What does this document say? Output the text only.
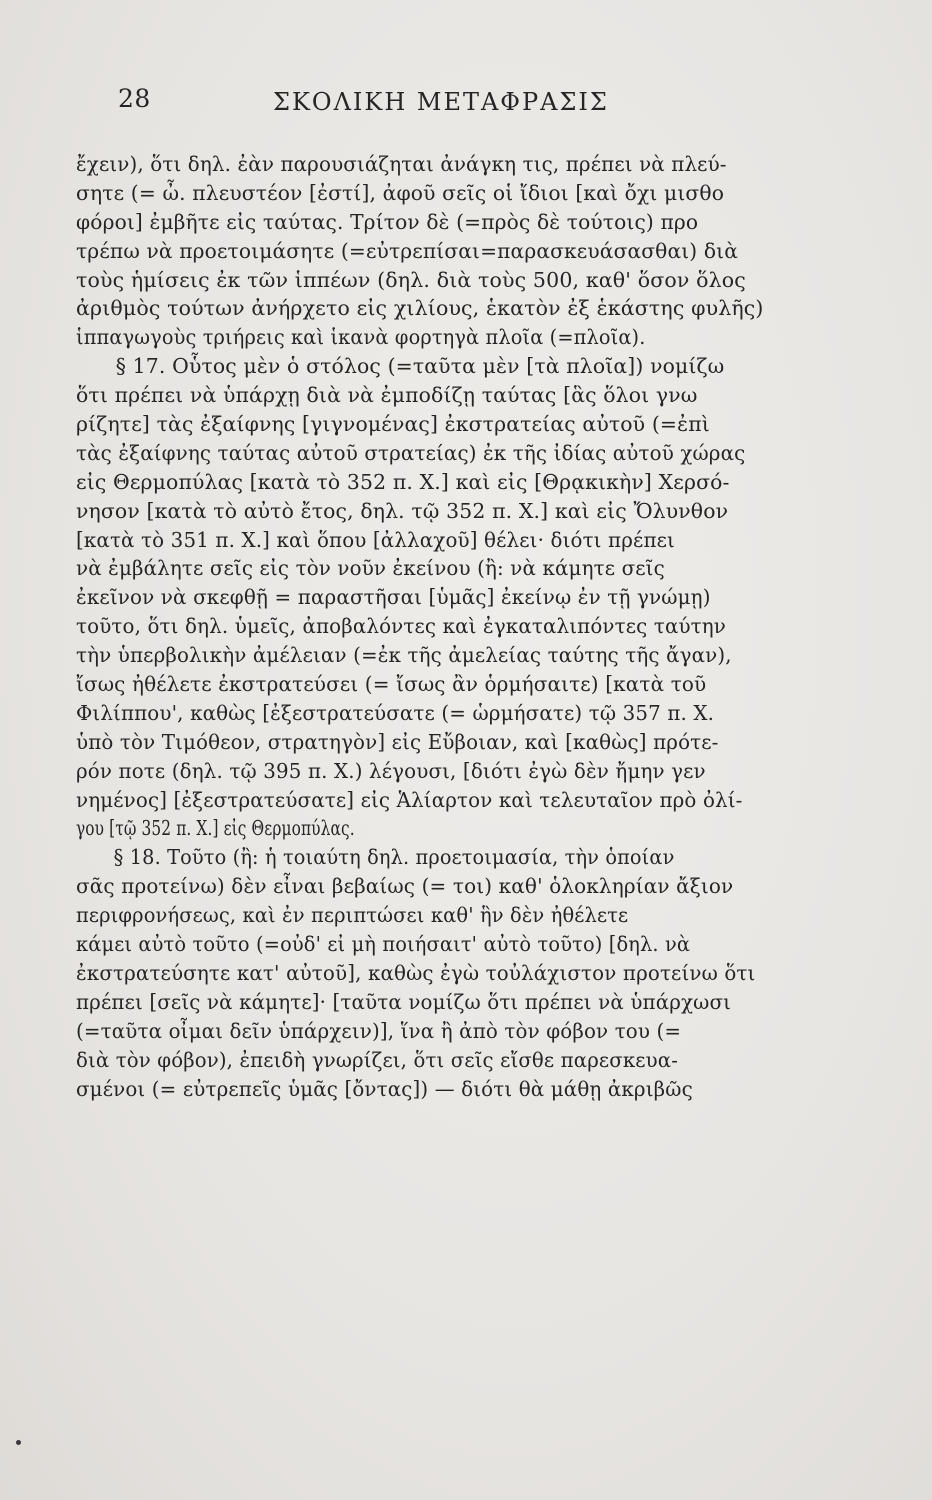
28	ΣΚΟΛΙΚΗ ΜΕΤΑΦΡΑΣΙΣ
ἔχειν), ὅτι δηλ. ἐὰν παρουσιάζηται ἀνάγκη τις, πρέπει νὰ πλεύ-
σητε (= ὦ. πλευστέον [ἐστί], ἀφοῦ σεῖς οἱ ἴδιοι [καὶ ὄχι μισθο
φόροι] ἐμβῆτε εἰς ταύτας. Τρίτον δὲ (=πρὸς δὲ τούτοις) προ
τρέπω νὰ προετοιμάσητε (=εὐτρεπίσαι=παρασκευάσασθαι) διὰ
τοὺς ἡμίσεις ἐκ τῶν ἱππέων (δηλ. διὰ τοὺς 500, καθ' ὅσον ὅλος
ἀριθμὸς τούτων ἀνήρχετο εἰς χιλίους, ἑκατὸν ἐξ ἑκάστης φυλῆς)
ἱππαγωγοὺς τριήρεις καὶ ἱκανὰ φορτηγὰ πλοῖα (=πλοῖα).
§ 17. Οὗτος μὲν ὁ στόλος (=ταῦτα μὲν [τὰ πλοῖα]) νομίζω
ὅτι πρέπει νὰ ὑπάρχῃ διὰ νὰ ἐμποδίζῃ ταύτας [ἃς ὅλοι γνω
ρίζητε] τὰς ἐξαίφνης [γιγνομένας] ἐκστρατείας αὐτοῦ (=ἐπὶ
τὰς ἐξαίφνης ταύτας αὐτοῦ στρατείας) ἐκ τῆς ἰδίας αὐτοῦ χώρας
εἰς Θερμοπύλας [κατὰ τὸ 352 π. Χ.] καὶ εἰς [Θρᾳκικὴν] Χερσό-
νησον [κατὰ τὸ αὐτὸ ἔτος, δηλ. τῷ 352 π. Χ.] καὶ εἰς Ὄλυνθον
[κατὰ τὸ 351 π. Χ.] καὶ ὅπου [ἀλλαχοῦ] θέλει· διότι πρέπει
νὰ ἐμβάλητε σεῖς εἰς τὸν νοῦν ἐκείνου (ἢ: νὰ κάμητε σεῖς
ἐκεῖνον νὰ σκεφθῇ = παραστῆσαι [ὑμᾶς] ἐκείνῳ ἐν τῇ γνώμῃ)
τοῦτο, ὅτι δηλ. ὑμεῖς, ἀποβαλόντες καὶ ἐγκαταλιπόντες ταύτην
τὴν ὑπερβολικὴν ἀμέλειαν (=ἐκ τῆς ἀμελείας ταύτης τῆς ἄγαν),
ἴσως ἠθέλετε ἐκστρατεύσει (= ἴσως ἂν ὁρμήσαιτε) [κατὰ τοῦ
Φιλίππου', καθὼς [ἐξεστρατεύσατε (= ὡρμήσατε) τῷ 357 π. Χ.
ὑπὸ τὸν Τιμόθεον, στρατηγὸν] εἰς Εὔβοιαν, καὶ [καθὼς] πρότε-
ρόν ποτε (δηλ. τῷ 395 π. Χ.) λέγουσι, [διότι ἐγὼ δὲν ἤμην γεν
νημένος] [ἐξεστρατεύσατε] εἰς Ἁλίαρτον καὶ τελευταῖον πρὸ ὀλί-
γου [τῷ 352 π. Χ.] εἰς Θερμοπύλας.
§ 18. Τοῦτο (ἢ: ἡ τοιαύτη δηλ. προετοιμασία, τὴν ὁποίαν
σᾶς προτείνω) δὲν εἶναι βεβαίως (= τοι) καθ' ὁλοκληρίαν ἄξιον
περιφρονήσεως, καὶ ἐν περιπτώσει καθ' ἣν δὲν ἠθέλετε
κάμει αὐτὸ τοῦτο (=οὐδ' εἰ μὴ ποιήσαιτ' αὐτὸ τοῦτο) [δηλ. νὰ
ἐκστρατεύσητε κατ' αὐτοῦ], καθὼς ἐγὼ τοὐλάχιστον προτείνω ὅτι
πρέπει [σεῖς νὰ κάμητε]· [ταῦτα νομίζω ὅτι πρέπει νὰ ὑπάρχωσι
(=ταῦτα οἶμαι δεῖν ὑπάρχειν)], ἵνα ἢ ἀπὸ τὸν φόβον του (=
διὰ τὸν φόβον), ἐπειδὴ γνωρίζει, ὅτι σεῖς εἴσθε παρεσκευα-
σμένοι (= εὐτρεπεῖς ὑμᾶς [ὄντας]) — διότι θὰ μάθῃ ἀκριβῶς
